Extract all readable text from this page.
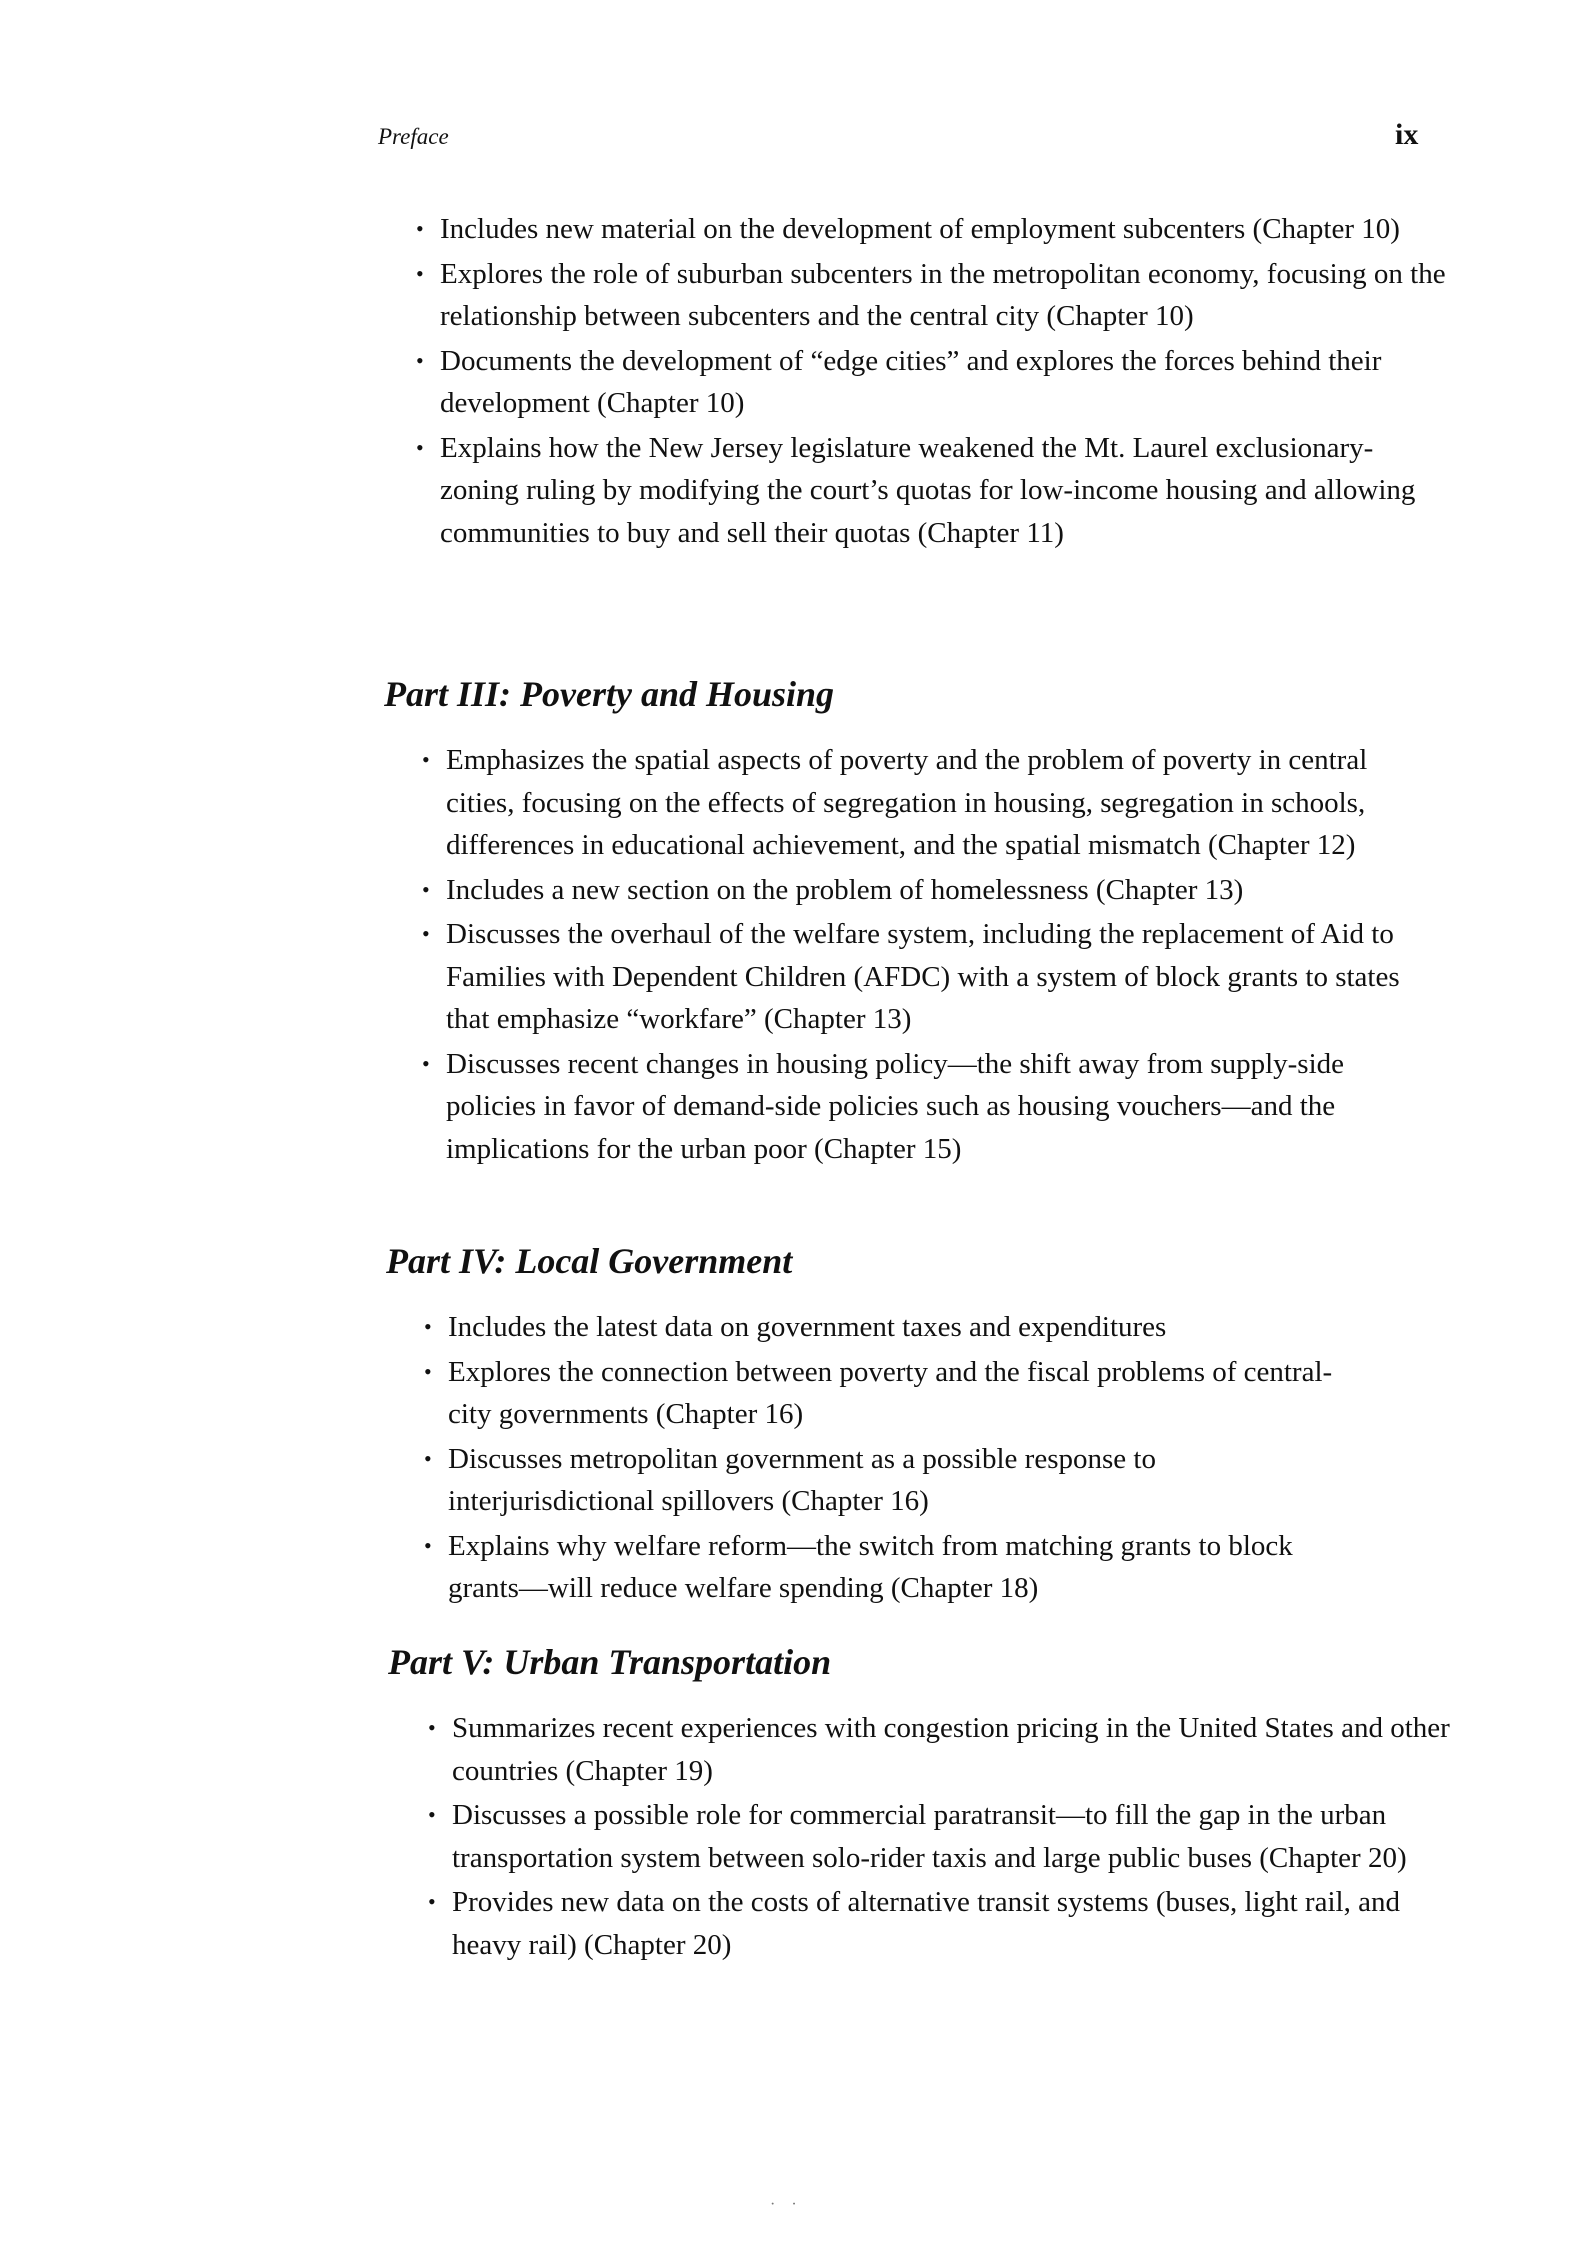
Preface	ix
• Includes new material on the development of employment subcenters (Chapter 10)
• Explores the role of suburban subcenters in the metropolitan economy, focusing on the relationship between subcenters and the central city (Chapter 10)
• Documents the development of “edge cities” and explores the forces behind their development (Chapter 10)
• Explains how the New Jersey legislature weakened the Mt. Laurel exclusionary-zoning ruling by modifying the court’s quotas for low-income housing and allowing communities to buy and sell their quotas (Chapter 11)
Part III: Poverty and Housing
• Emphasizes the spatial aspects of poverty and the problem of poverty in central cities, focusing on the effects of segregation in housing, segregation in schools, differences in educational achievement, and the spatial mismatch (Chapter 12)
• Includes a new section on the problem of homelessness (Chapter 13)
• Discusses the overhaul of the welfare system, including the replacement of Aid to Families with Dependent Children (AFDC) with a system of block grants to states that emphasize “workfare” (Chapter 13)
• Discusses recent changes in housing policy—the shift away from supply-side policies in favor of demand-side policies such as housing vouchers—and the implications for the urban poor (Chapter 15)
Part IV: Local Government
• Includes the latest data on government taxes and expenditures
• Explores the connection between poverty and the fiscal problems of central-city governments (Chapter 16)
• Discusses metropolitan government as a possible response to interjurisdictional spillovers (Chapter 16)
• Explains why welfare reform—the switch from matching grants to block grants—will reduce welfare spending (Chapter 18)
Part V: Urban Transportation
• Summarizes recent experiences with congestion pricing in the United States and other countries (Chapter 19)
• Discusses a possible role for commercial paratransit—to fill the gap in the urban transportation system between solo-rider taxis and large public buses (Chapter 20)
• Provides new data on the costs of alternative transit systems (buses, light rail, and heavy rail) (Chapter 20)
· ·
